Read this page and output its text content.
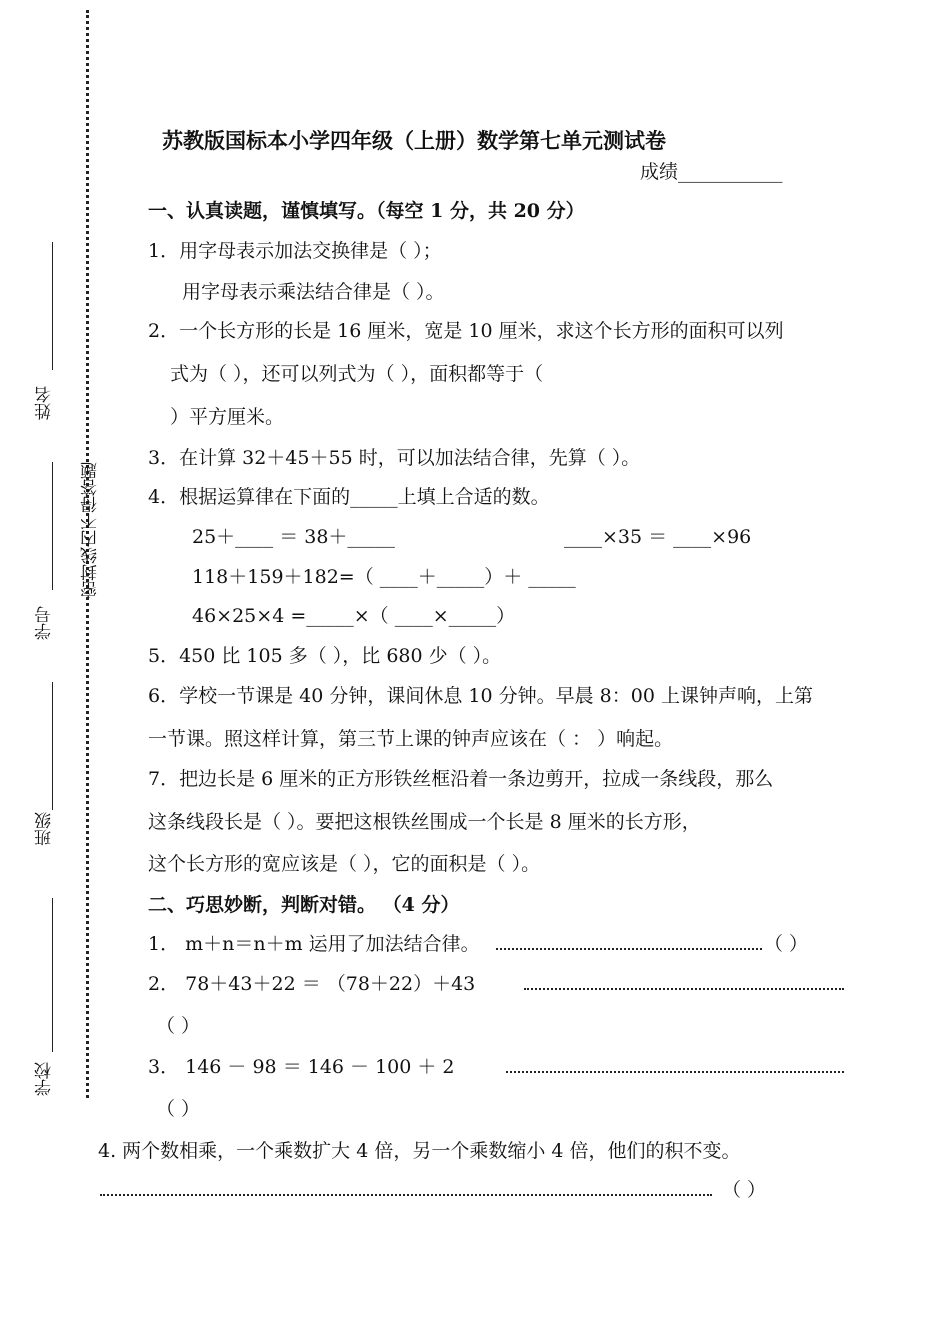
密封线内不得答题
姓名
学号
班级
学校
苏教版国标本小学四年级（上册）数学第七单元测试卷
成绩___________
一、认真读题，谨慎填写。（每空 1 分，共 20 分）
1．用字母表示加法交换律是（ ）；
用字母表示乘法结合律是（ ）。
2．一个长方形的长是 16 厘米，宽是 10 厘米，求这个长方形的面积可以列
式为（ ），还可以列式为（ ），面积都等于（
）平方厘米。
3．在计算 32＋45＋55 时，可以加法结合律，先算（ ）。
4．根据运算律在下面的_____上填上合适的数。
25＋____ ＝ 38＋_____	____×35 ＝ ____×96
118＋159＋182=（ ____＋_____）＋ _____
46×25×4 =_____×（ ____×_____）
5．450 比 105 多（ ），比 680 少（ ）。
6．学校一节课是 40 分钟，课间休息 10 分钟。早晨 8：00 上课钟声响，上第
一节课。照这样计算，第三节上课的钟声应该在（ ： ）响起。
7．把边长是 6 厘米的正方形铁丝框沿着一条边剪开，拉成一条线段，那么
这条线段长是（ ）。要把这根铁丝围成一个长是 8 厘米的长方形，
这个长方形的宽应该是（ ），它的面积是（ ）。
二、巧思妙断，判断对错。 （4 分）
1． m＋n＝n＋m 运用了加法结合律。	（ ）
2． 78＋43＋22 ＝ （78＋22）＋43
（ ）
3． 146 － 98 ＝ 146 － 100 ＋ 2
（ ）
4. 两个数相乘，一个乘数扩大 4 倍，另一个乘数缩小 4 倍，他们的积不变。
（ ）
